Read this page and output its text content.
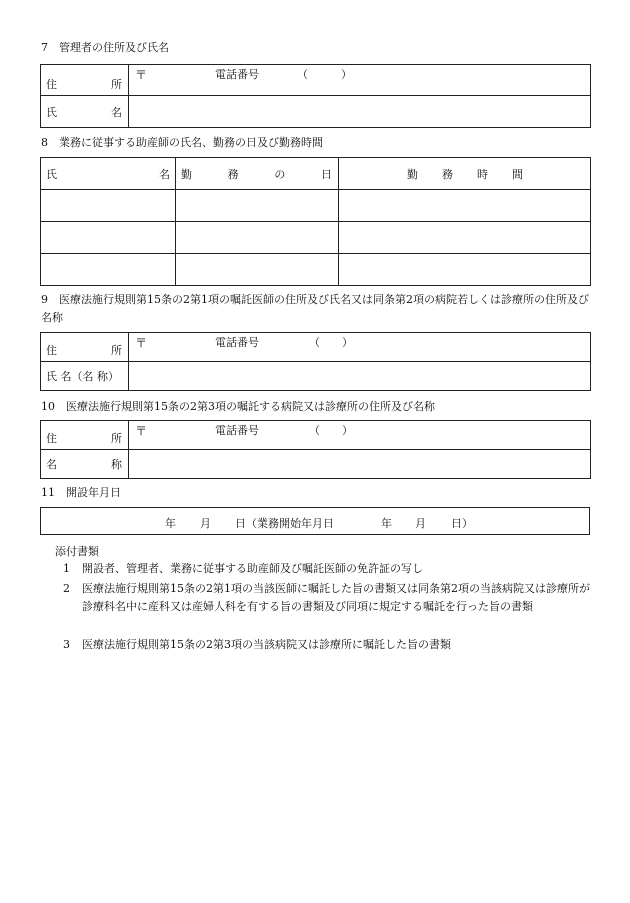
7　管理者の住所及び氏名
住 所	〒 電話番号 （　　　）

氏 名	

8　業務に従事する助産師の氏名、勤務の日及び勤務時間
氏 名	勤 務 の 日	勤 務 時 間

9　医療法施行規則第15条の2第1項の嘱託医師の住所及び氏名又は同条第2項の病院若しくは診療所の住所及び名称
住 所	〒 電話番号 （　　）

氏 名（名 称）	
10　医療法施行規則第15条の2第3項の嘱託する病院又は診療所の住所及び名称
住 所	〒 電話番号 （　　）

名 称	

11　開設年月日
年 月 日（業務開始年月日	年 月 日）
添付書類
1	開設者、管理者、業務に従事する助産師及び嘱託医師の免許証の写し
2	医療法施行規則第15条の2第1項の当該医師に嘱託した旨の書類又は同条第2項の当該病院又は診療所が診療科名中に産科又は産婦人科を有する旨の書類及び同項に規定する嘱託を行った旨の書類
3	医療法施行規則第15条の2第3項の当該病院又は診療所に嘱託した旨の書類
